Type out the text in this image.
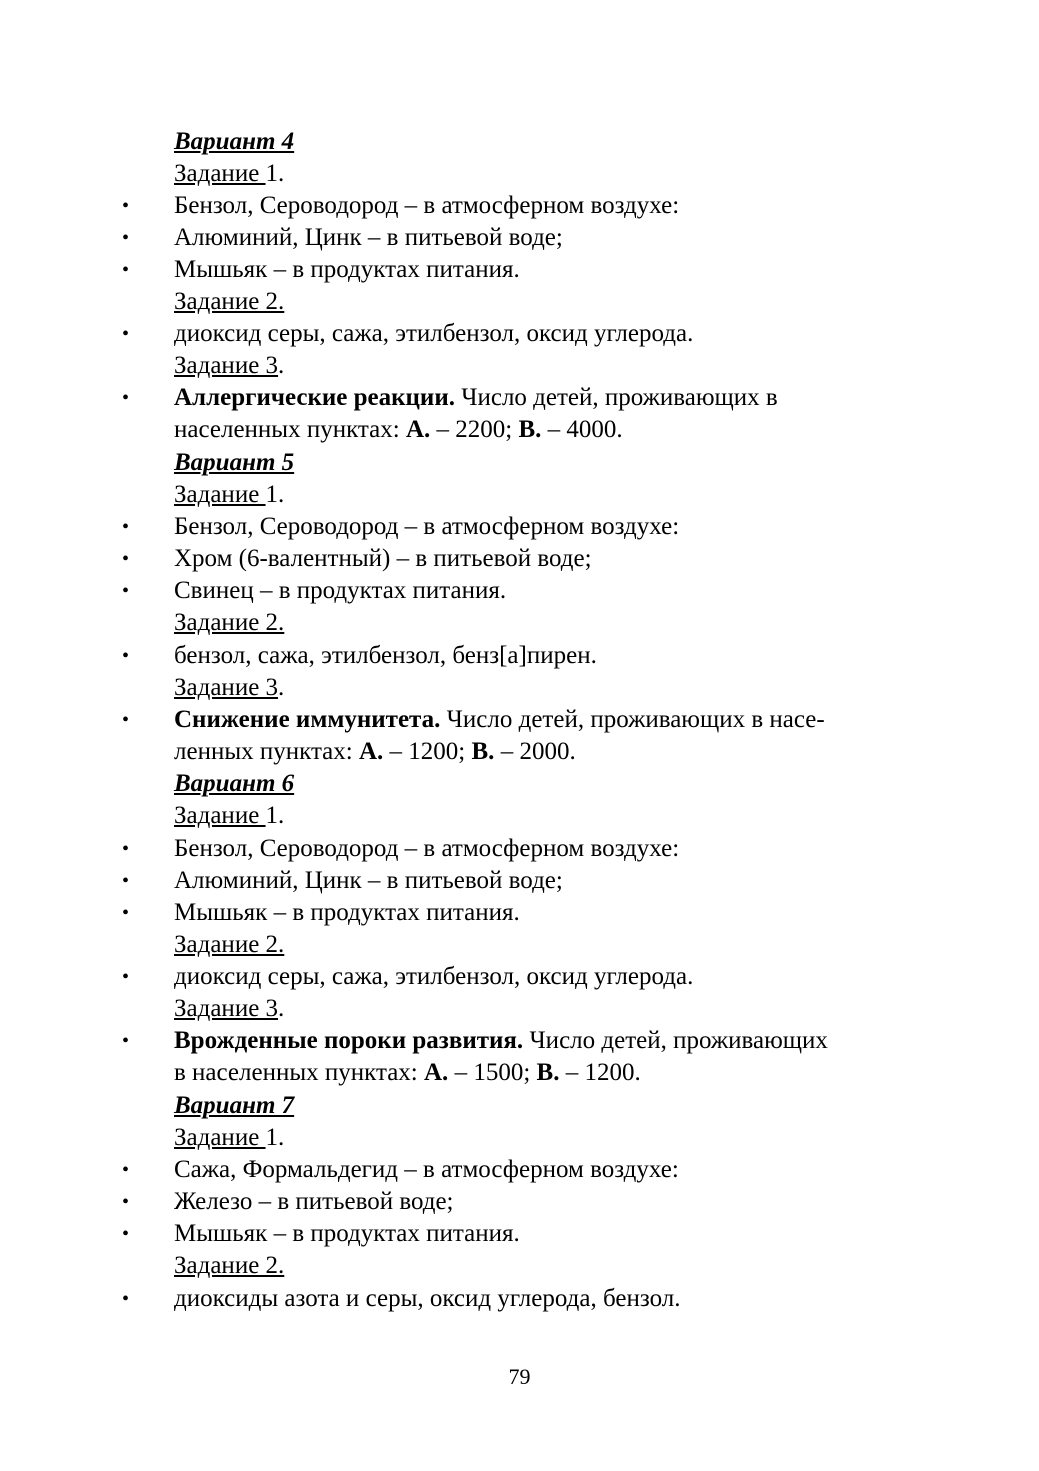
Вариант 4
Задание 1.
• Бензол, Сероводород – в атмосферном воздухе:
• Алюминий, Цинк – в питьевой воде;
• Мышьяк – в продуктах питания.
Задание 2.
• диоксид серы, сажа, этилбензол, оксид углерода.
Задание 3.
• Аллергические реакции. Число детей, проживающих в
населенных пунктах: А. – 2200; В. – 4000.
Вариант 5
Задание 1.
• Бензол, Сероводород – в атмосферном воздухе:
• Хром (6-валентный) – в питьевой воде;
• Свинец – в продуктах питания.
Задание 2.
• бензол, сажа, этилбензол, бенз[а]пирен.
Задание 3.
• Снижение иммунитета. Число детей, проживающих в насе-
ленных пунктах: А. – 1200; В. – 2000.
Вариант 6
Задание 1.
• Бензол, Сероводород – в атмосферном воздухе:
• Алюминий, Цинк – в питьевой воде;
• Мышьяк – в продуктах питания.
Задание 2.
• диоксид серы, сажа, этилбензол, оксид углерода.
Задание 3.
• Врожденные пороки развития. Число детей, проживающих
в населенных пунктах: А. – 1500; В. – 1200.
Вариант 7
Задание 1.
• Сажа, Формальдегид – в атмосферном воздухе:
• Железо – в питьевой воде;
• Мышьяк – в продуктах питания.
Задание 2.
• диоксиды азота и серы, оксид углерода, бензол.
79
